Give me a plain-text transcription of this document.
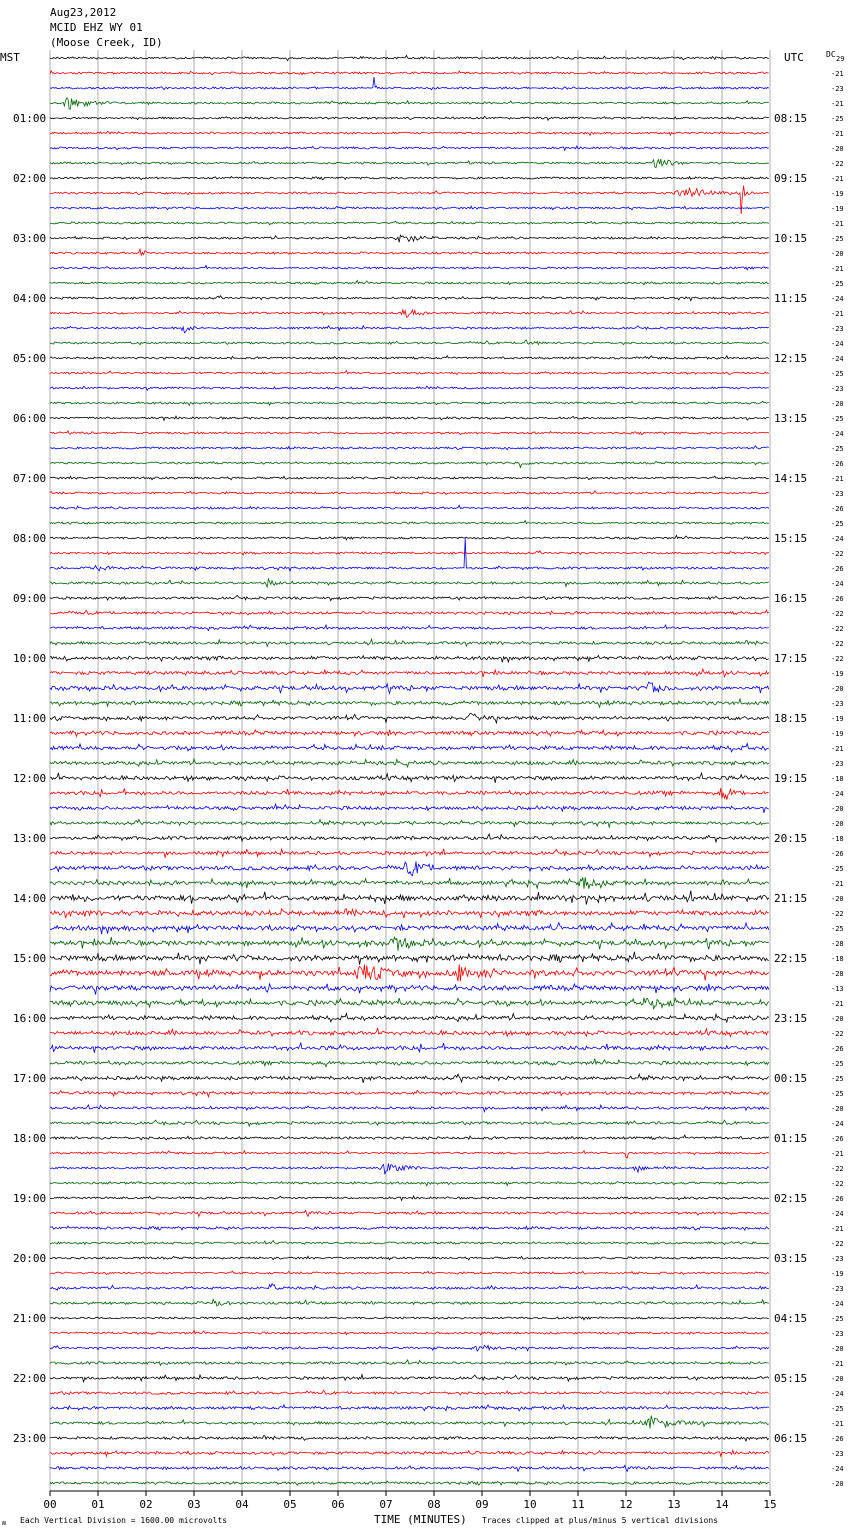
Aug23,2012
MCID EHZ WY 01
(Moose Creek, ID)
MST	UTC	DC
01:00
02:00
03:00
04:00
05:00
06:00
07:00
08:00
09:00
10:00
11:00
12:00
13:00
14:00
15:00
16:00
17:00
18:00
19:00
20:00
21:00
22:00
23:00
08:15
09:15
10:15
11:15
12:15
13:15
14:15
15:15
16:15
17:15
18:15
19:15
20:15
21:15
22:15
23:15
00:15
01:15
02:15
03:15
04:15
05:15
06:15
29
-21
-23
-21
-25
-21
-20
-22
-21
-19
-19
-21
-25
-20
-21
-25
-24
-21
-23
-24
-24
-25
-23
-20
-25
-24
-25
-26
-21
-23
-26
-25
-24
-22
-26
-24
-26
-22
-22
-22
-22
-19
-20
-23
-19
-19
-21
-23
-18
-24
-20
-20
-18
-26
-25
-21
-20
-22
-25
-28
-18
-28
-13
-21
-20
-22
-26
-25
-25
-25
-20
-24
-26
-21
-22
-22
-26
-24
-21
-22
-23
-19
-23
-24
-25
-23
-20
-21
-20
-24
-25
-21
-26
-23
-24
-20
00	01	02	03	04	05	06	07	08	09	10	11	12	13	14	15
ʍ Each Vertical Division = 1600.00 microvolts	TIME (MINUTES) Traces clipped at plus/minus 5 vertical divisions
